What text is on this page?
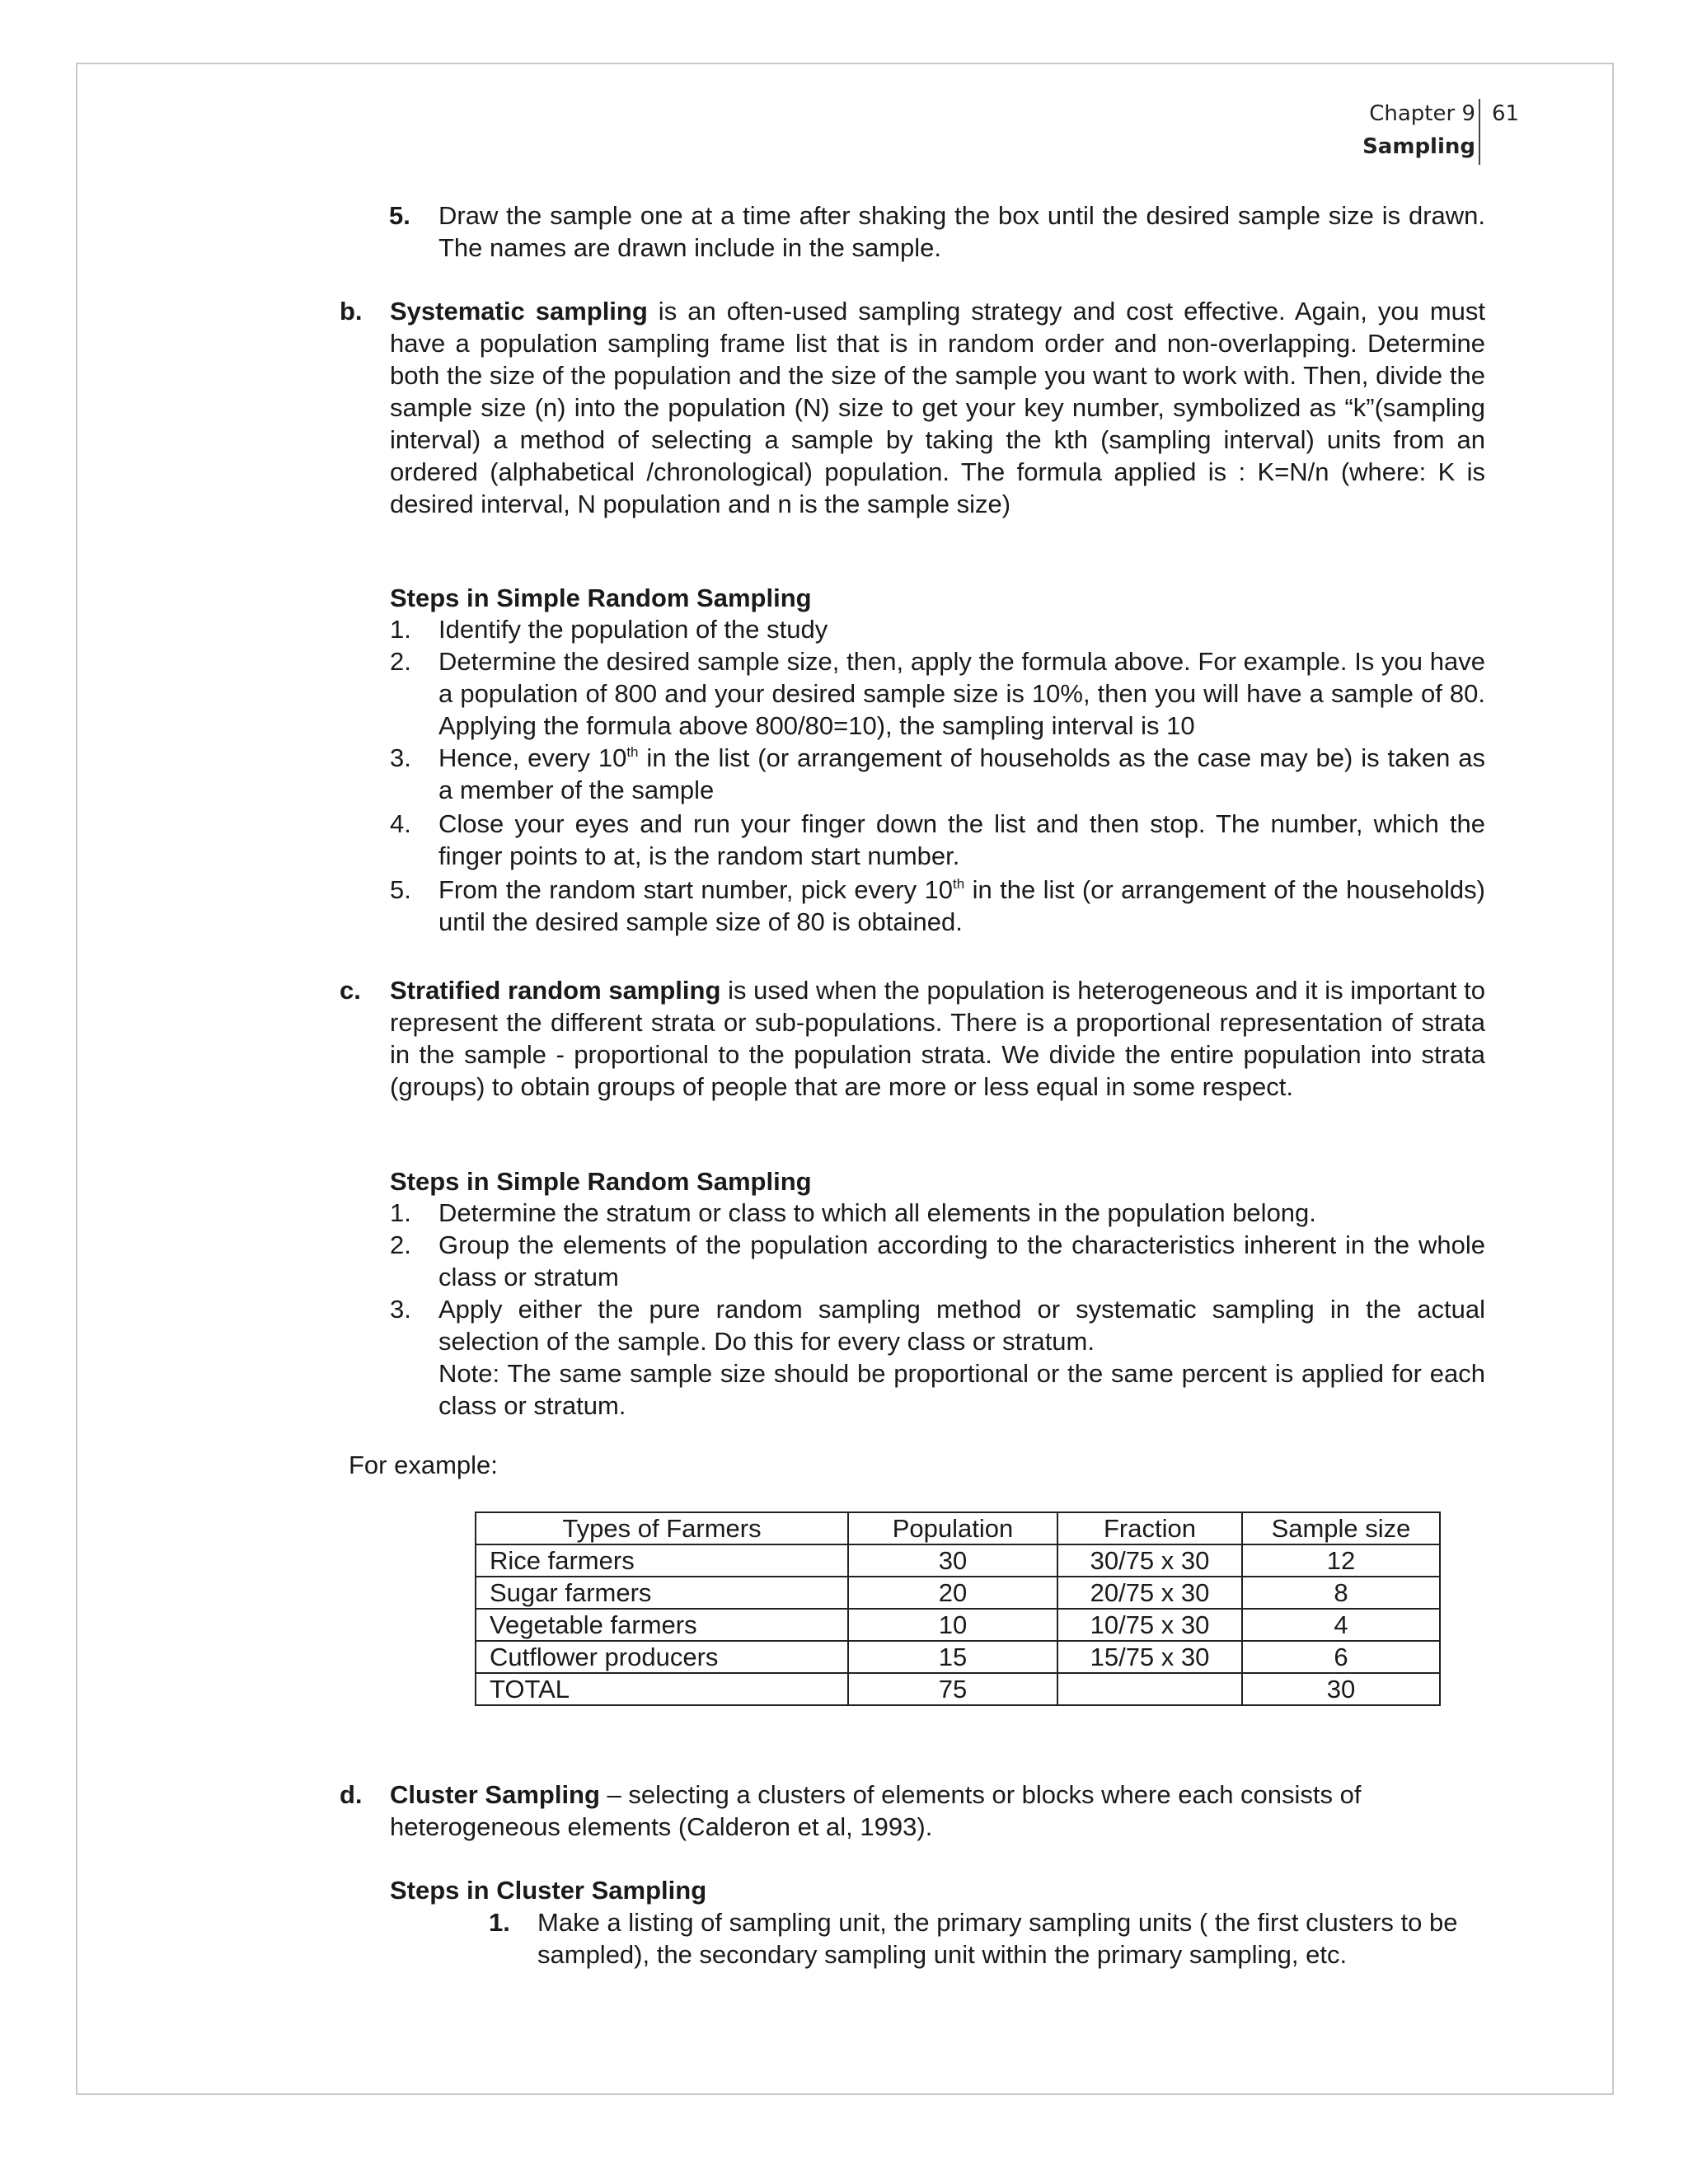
Chapter 9
Sampling
61
5. Draw the sample one at a time after shaking the box until the desired sample size is drawn. The names are drawn include in the sample.
b. Systematic sampling is an often-used sampling strategy and cost effective. Again, you must have a population sampling frame list that is in random order and non-overlapping. Determine both the size of the population and the size of the sample you want to work with. Then, divide the sample size (n) into the population (N) size to get your key number, symbolized as “k”(sampling interval) a method of selecting a sample by taking the kth (sampling interval) units from an ordered (alphabetical /chronological) population. The formula applied is : K=N/n (where: K is desired interval, N population and n is the sample size)

Steps in Simple Random Sampling
1. Identify the population of the study
2. Determine the desired sample size, then, apply the formula above. For example. Is you have a population of 800 and your desired sample size is 10%, then you will have a sample of 80. Applying the formula above 800/80=10), the sampling interval is 10
3. Hence, every 10th in the list (or arrangement of households as the case may be) is taken as a member of the sample

4. Close your eyes and run your finger down the list and then stop. The number, which the finger points to at, is the random start number.
5. From the random start number, pick every 10th in the list (or arrangement of the households) until the desired sample size of 80 is obtained.

c. Stratified random sampling is used when the population is heterogeneous and it is important to represent the different strata or sub-populations. There is a proportional representation of strata in the sample - proportional to the population strata. We divide the entire population into strata (groups) to obtain groups of people that are more or less equal in some respect.

Steps in Simple Random Sampling
1. Determine the stratum or class to which all elements in the population belong.
2. Group the elements of the population according to the characteristics inherent in the whole class or stratum
3. Apply either the pure random sampling method or systematic sampling in the actual selection of the sample. Do this for every class or stratum.
Note: The same sample size should be proportional or the same percent is applied for each class or stratum.
For example:
Types of Farmers	Population	Fraction	Sample size
Rice farmers	30	30/75 x 30	12
Sugar farmers	20	20/75 x 30	8
Vegetable farmers	10	10/75 x 30	4
Cutflower producers	15	15/75 x 30	6
TOTAL	75		30
d. Cluster Sampling – selecting a clusters of elements or blocks where each consists of heterogeneous elements (Calderon et al, 1993).

Steps in Cluster Sampling
1. Make a listing of sampling unit, the primary sampling units ( the first clusters to be sampled), the secondary sampling unit within the primary sampling, etc.
